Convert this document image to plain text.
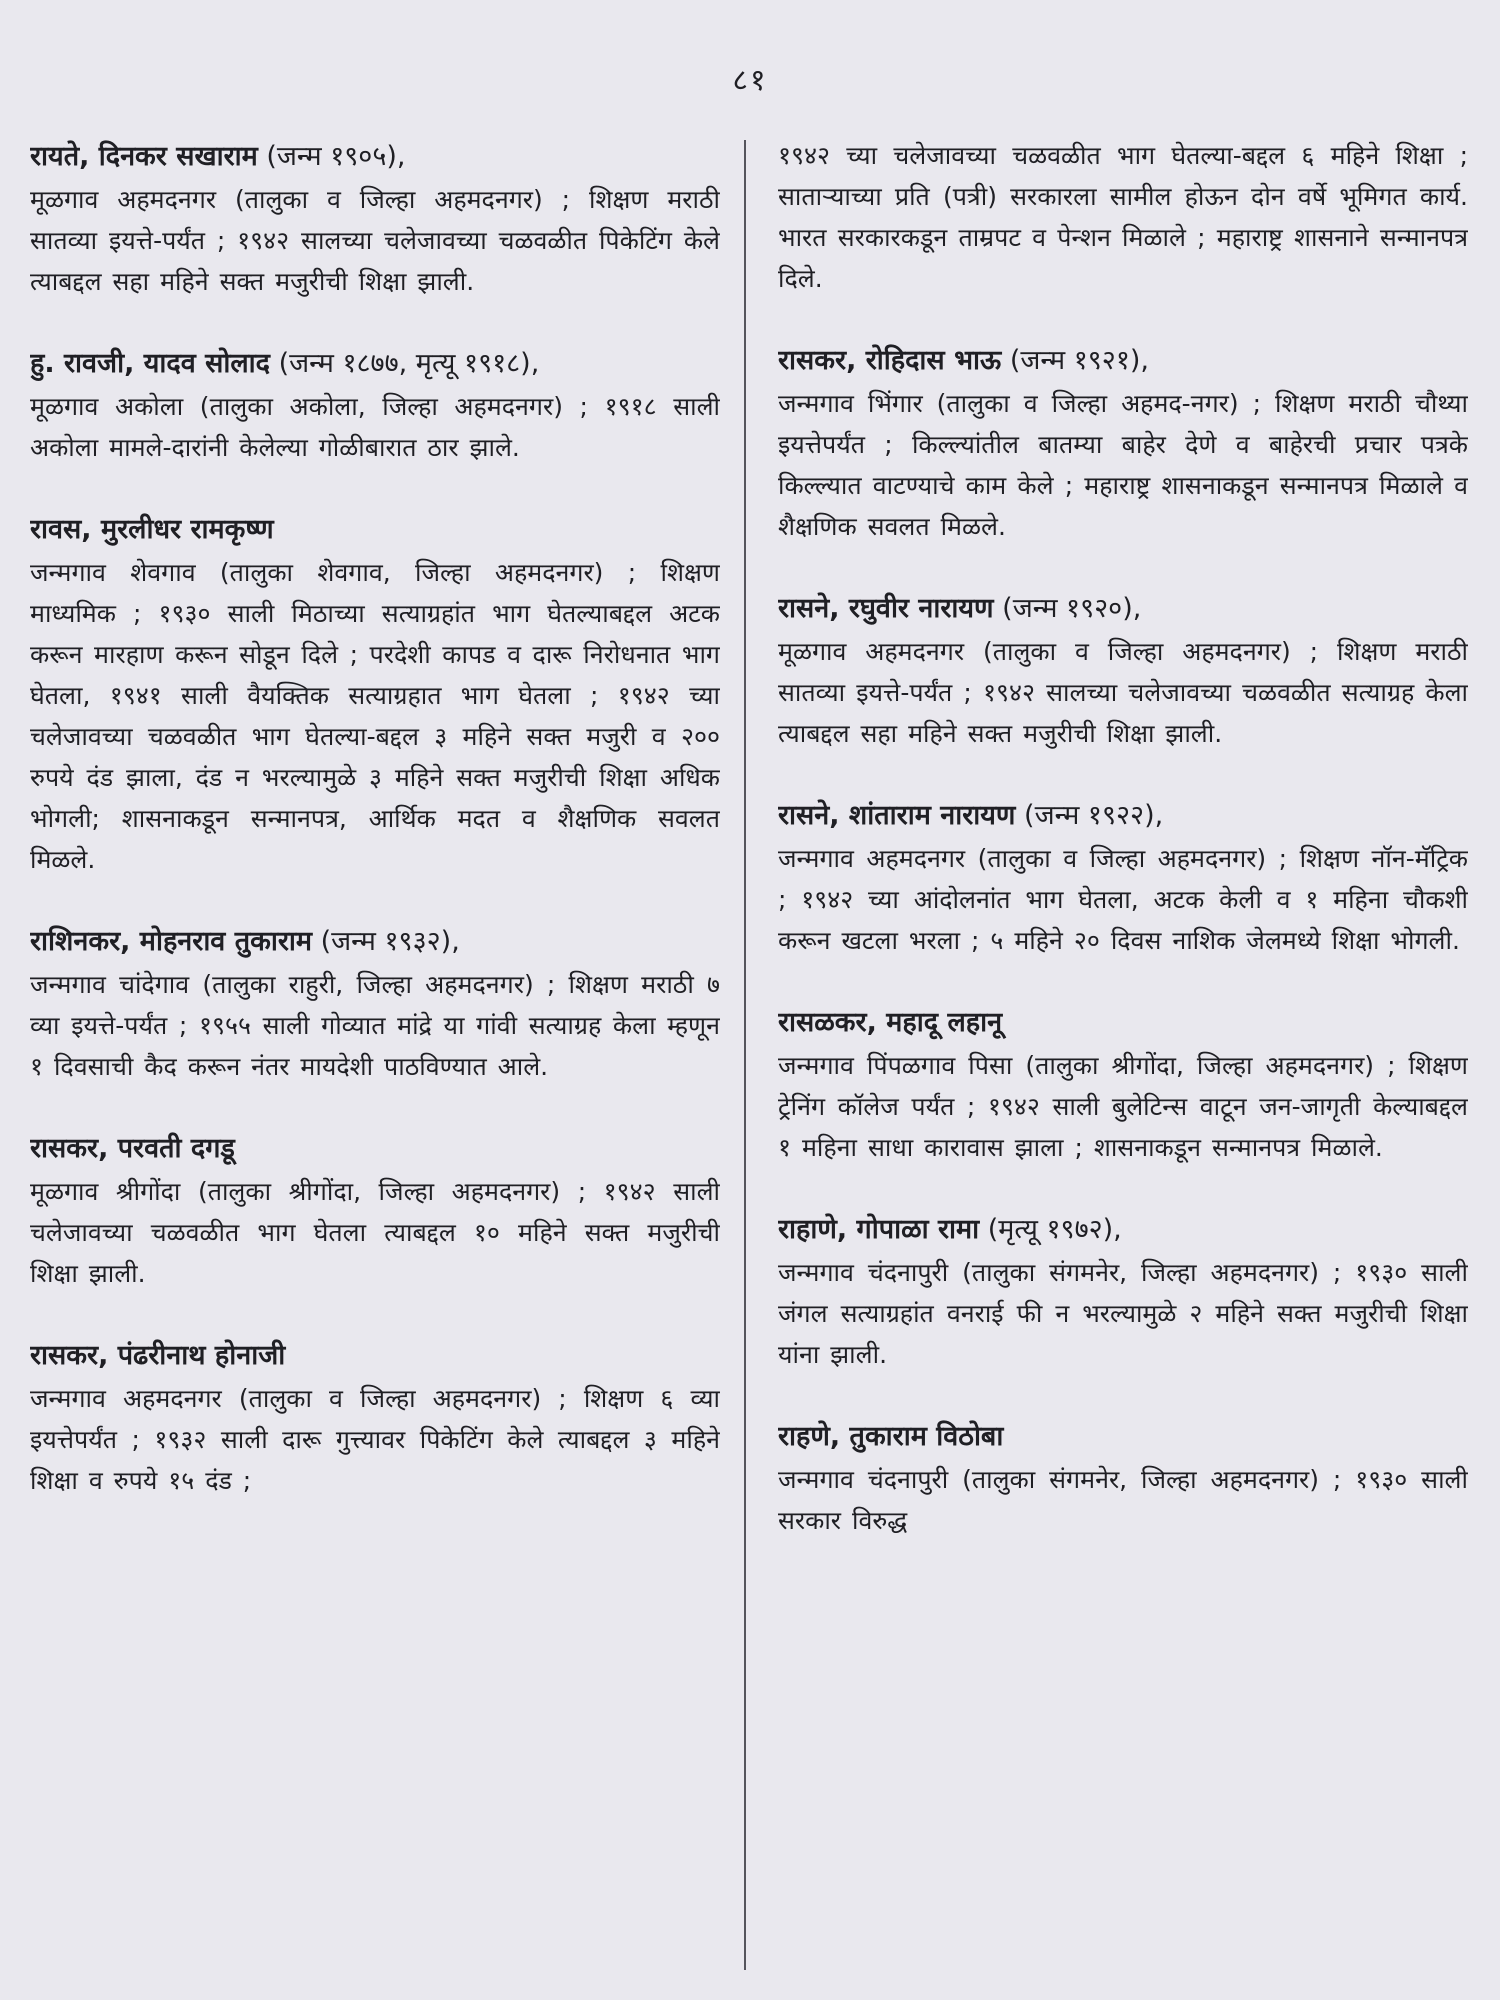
८१
रायते, दिनकर सखाराम (जन्म १९०५),
मूळगाव अहमदनगर (तालुका व जिल्हा अहमदनगर) ; शिक्षण मराठी सातव्या इयत्ते-पर्यंत ; १९४२ सालच्या चलेजावच्या चळवळीत पिकेटिंग केले त्याबद्दल सहा महिने सक्त मजुरीची शिक्षा झाली.
हु. रावजी, यादव सोलाद (जन्म १८७७, मृत्यू १९१८),
मूळगाव अकोला (तालुका अकोला, जिल्हा अहमदनगर) ; १९१८ साली अकोला मामले-दारांनी केलेल्या गोळीबारात ठार झाले.
रावस, मुरलीधर रामकृष्ण
जन्मगाव शेवगाव (तालुका शेवगाव, जिल्हा अहमदनगर) ; शिक्षण माध्यमिक ; १९३० साली मिठाच्या सत्याग्रहांत भाग घेतल्याबद्दल अटक करून मारहाण करून सोडून दिले ; परदेशी कापड व दारू निरोधनात भाग घेतला, १९४१ साली वैयक्तिक सत्याग्रहात भाग घेतला ; १९४२ च्या चलेजावच्या चळवळीत भाग घेतल्या-बद्दल ३ महिने सक्त मजुरी व २०० रुपये दंड झाला, दंड न भरल्यामुळे ३ महिने सक्त मजुरीची शिक्षा अधिक भोगली; शासनाकडून सन्मानपत्र, आर्थिक मदत व शैक्षणिक सवलत मिळले.
राशिनकर, मोहनराव तुकाराम (जन्म १९३२),
जन्मगाव चांदेगाव (तालुका राहुरी, जिल्हा अहमदनगर) ; शिक्षण मराठी ७ व्या इयत्ते-पर्यंत ; १९५५ साली गोव्यात मांद्रे या गांवी सत्याग्रह केला म्हणून १ दिवसाची कैद करून नंतर मायदेशी पाठविण्यात आले.
रासकर, परवती दगडू
मूळगाव श्रीगोंदा (तालुका श्रीगोंदा, जिल्हा अहमदनगर) ; १९४२ साली चलेजावच्या चळवळीत भाग घेतला त्याबद्दल १० महिने सक्त मजुरीची शिक्षा झाली.
रासकर, पंढरीनाथ होनाजी
जन्मगाव अहमदनगर (तालुका व जिल्हा अहमदनगर) ; शिक्षण ६ व्या इयत्तेपर्यंत ; १९३२ साली दारू गुत्त्यावर पिकेटिंग केले त्याबद्दल ३ महिने शिक्षा व रुपये १५ दंड ;
१९४२ च्या चलेजावच्या चळवळीत भाग घेतल्या-बद्दल ६ महिने शिक्षा ; साताऱ्याच्या प्रति (पत्री) सरकारला सामील होऊन दोन वर्षे भूमिगत कार्य. भारत सरकारकडून ताम्रपट व पेन्शन मिळाले ; महाराष्ट्र शासनाने सन्मानपत्र दिले.
रासकर, रोहिदास भाऊ (जन्म १९२१),
जन्मगाव भिंगार (तालुका व जिल्हा अहमद-नगर) ; शिक्षण मराठी चौथ्या इयत्तेपर्यंत ; किल्ल्यांतील बातम्या बाहेर देणे व बाहेरची प्रचार पत्रके किल्ल्यात वाटण्याचे काम केले ; महाराष्ट्र शासनाकडून सन्मानपत्र मिळाले व शैक्षणिक सवलत मिळले.
रासने, रघुवीर नारायण (जन्म १९२०),
मूळगाव अहमदनगर (तालुका व जिल्हा अहमदनगर) ; शिक्षण मराठी सातव्या इयत्ते-पर्यंत ; १९४२ सालच्या चलेजावच्या चळवळीत सत्याग्रह केला त्याबद्दल सहा महिने सक्त मजुरीची शिक्षा झाली.
रासने, शांताराम नारायण (जन्म १९२२),
जन्मगाव अहमदनगर (तालुका व जिल्हा अहमदनगर) ; शिक्षण नॉन-मॅट्रिक ; १९४२ च्या आंदोलनांत भाग घेतला, अटक केली व १ महिना चौकशी करून खटला भरला ; ५ महिने २० दिवस नाशिक जेलमध्ये शिक्षा भोगली.
रासळकर, महादू लहानू
जन्मगाव पिंपळगाव पिसा (तालुका श्रीगोंदा, जिल्हा अहमदनगर) ; शिक्षण ट्रेनिंग कॉलेज पर्यंत ; १९४२ साली बुलेटिन्स वाटून जन-जागृती केल्याबद्दल १ महिना साधा कारावास झाला ; शासनाकडून सन्मानपत्र मिळाले.
राहाणे, गोपाळा रामा (मृत्यू १९७२),
जन्मगाव चंदनापुरी (तालुका संगमनेर, जिल्हा अहमदनगर) ; १९३० साली जंगल सत्याग्रहांत वनराई फी न भरल्यामुळे २ महिने सक्त मजुरीची शिक्षा यांना झाली.
राहणे, तुकाराम विठोबा
जन्मगाव चंदनापुरी (तालुका संगमनेर, जिल्हा अहमदनगर) ; १९३० साली सरकार विरुद्ध
